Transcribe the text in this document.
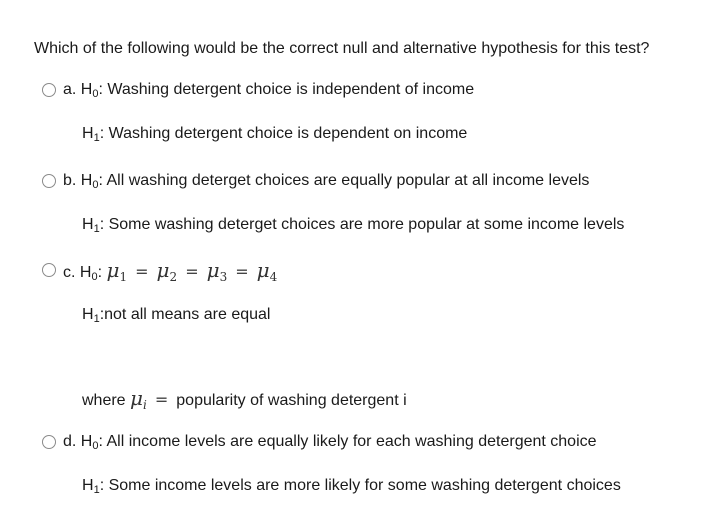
Which of the following would be the correct null and alternative hypothesis for this test?
a. $H_0$: Washing detergent choice is independent of income
$H_1$: Washing detergent choice is dependent on income
b. $H_0$: All washing deterget choices are equally popular at all income levels
$H_1$: Some washing deterget choices are more popular at some income levels
c. $H_0$: $\mu_1 = \mu_2 = \mu_3 = \mu_4$
$H_1:not$ all means are equal
where $\mu_i$ = popularity of washing detergent i
d. $H_0$: All income levels are equally likely for each washing detergent choice
$H_1$: Some income levels are more likely for some washing detergent choices
